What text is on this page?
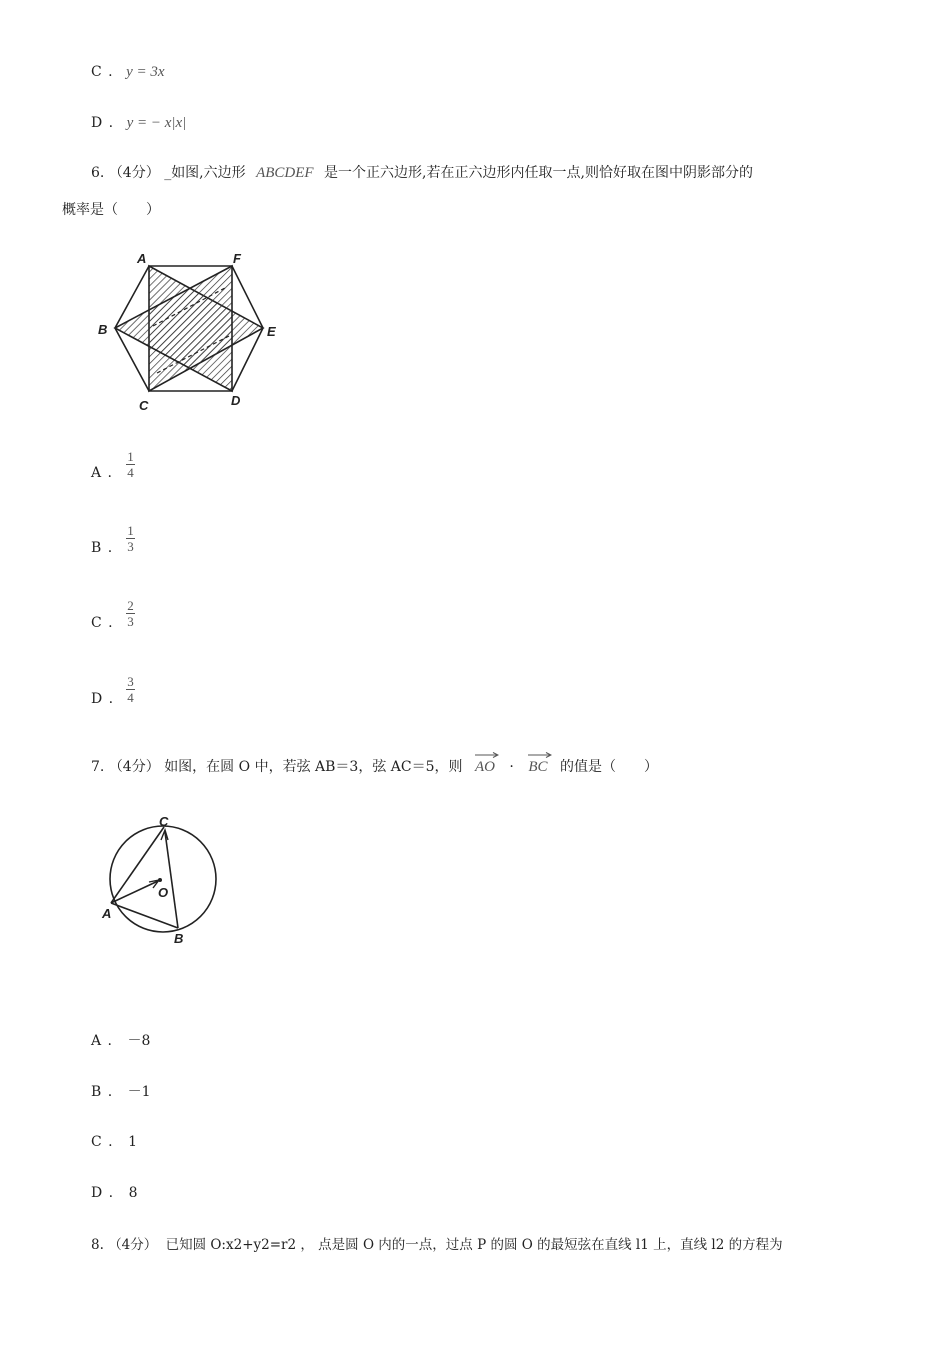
C . y = 3x
D . y = − x|x|
6. （4分） _如图,六边形 ABCDEF 是一个正六边形,若在正六边形内任取一点,则恰好取在图中阴影部分的
概率是（　　）
A	F
B	E
C	D
A .
1
4
B .
1
3
C .
2
3
D .
3
4
7. （4分） 如图，在圆 O 中，若弦 AB＝3，弦 AC＝5，则 AO · BC 的值是（　　）
C
O
A
B
A . －8
B . －1
C . 1
D . 8
8. （4分） 已知圆 O:x2+y2=r2 ， 点是圆 O 内的一点，过点 P 的圆 O 的最短弦在直线 l1 上，直线 l2 的方程为
